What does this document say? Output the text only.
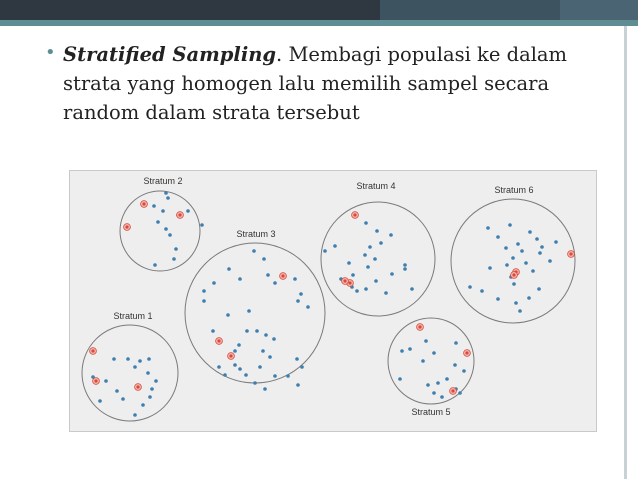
• Stratified Sampling. Membagi populasi ke dalam strata yang homogen lalu memilih sampel secara random dalam strata tersebut
Stratum 2
Stratum 3
Stratum 4	Stratum 6
Stratum 1
Stratum 5
